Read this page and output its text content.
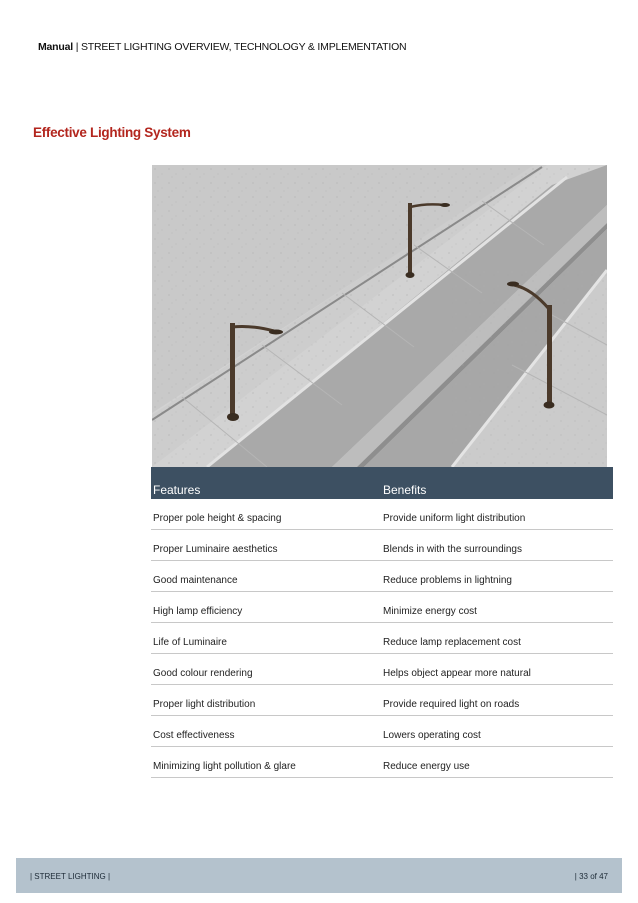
Manual | STREET LIGHTING OVERVIEW, TECHNOLOGY & IMPLEMENTATION
Effective Lighting System
Features	Benefits
Proper pole height & spacing	Provide uniform light distribution
Proper Luminaire aesthetics	Blends in with the surroundings
Good maintenance	Reduce problems in lightning
High lamp efficiency	Minimize energy cost
Life of Luminaire	Reduce lamp replacement cost
Good colour rendering	Helps object appear more natural
Proper light distribution	Provide required light on roads
Cost effectiveness	Lowers operating cost
Minimizing light pollution & glare	Reduce energy use
| STREET LIGHTING |	| 33 of 47
